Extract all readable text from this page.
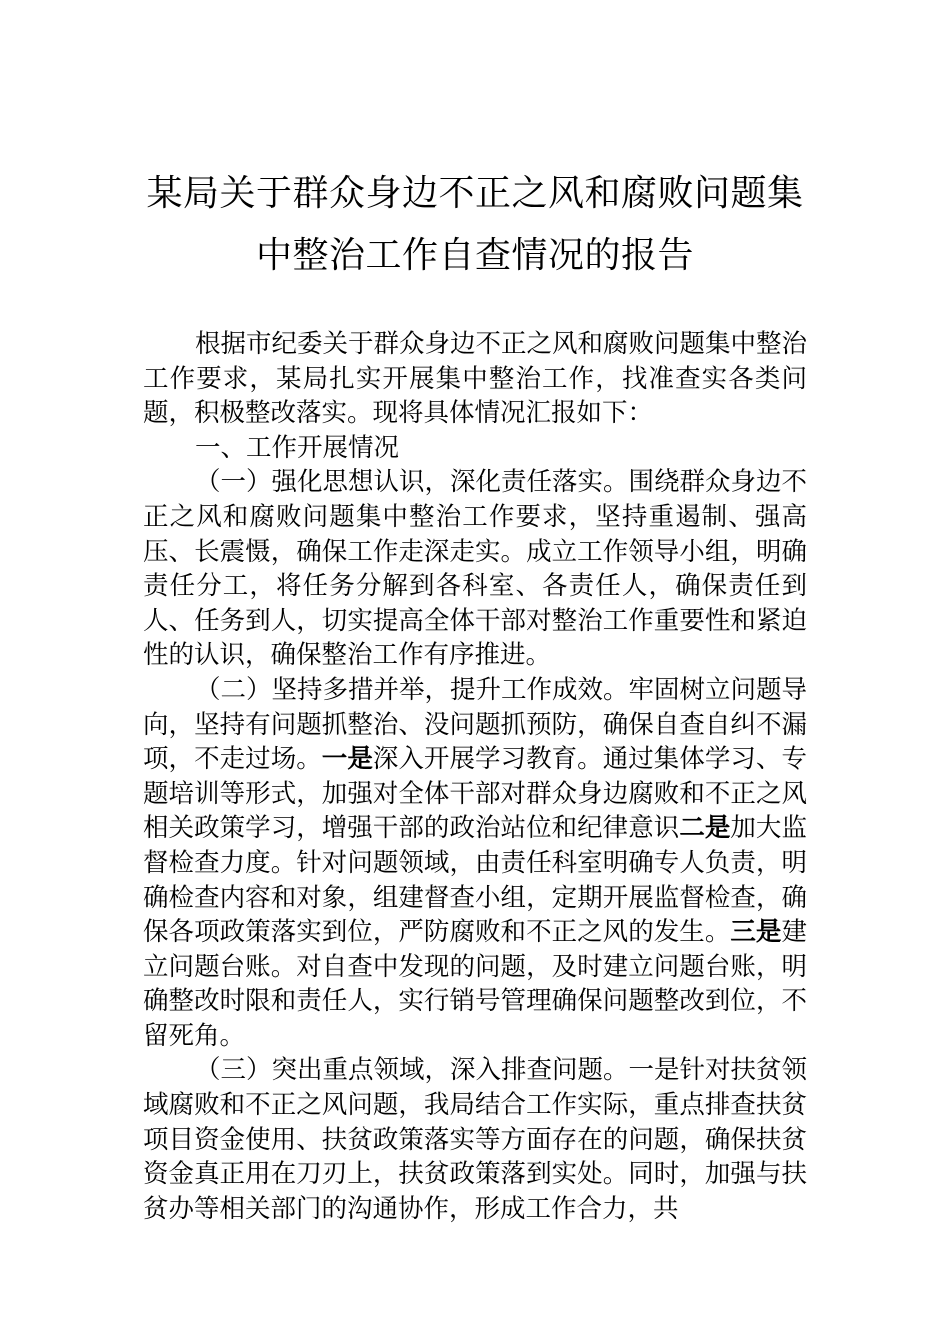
某局关于群众身边不正之风和腐败问题集
中整治工作自查情况的报告

根据市纪委关于群众身边不正之风和腐败问题集中整治工作要求，某局扎实开展集中整治工作，找准查实各类问题，积极整改落实。现将具体情况汇报如下：

一、工作开展情况

（一）强化思想认识，深化责任落实。围绕群众身边不正之风和腐败问题集中整治工作要求，坚持重遏制、强高压、长震慑，确保工作走深走实。成立工作领导小组，明确责任分工，将任务分解到各科室、各责任人，确保责任到人、任务到人，切实提高全体干部对整治工作重要性和紧迫性的认识，确保整治工作有序推进。

（二）坚持多措并举，提升工作成效。牢固树立问题导向，坚持有问题抓整治、没问题抓预防，确保自查自纠不漏项，不走过场。一是深入开展学习教育。通过集体学习、专题培训等形式，加强对全体干部对群众身边腐败和不正之风相关政策学习，增强干部的政治站位和纪律意识二是加大监督检查力度。针对问题领域，由责任科室明确专人负责，明确检查内容和对象，组建督查小组，定期开展监督检查，确保各项政策落实到位，严防腐败和不正之风的发生。三是建立问题台账。对自查中发现的问题，及时建立问题台账，明确整改时限和责任人，实行销号管理确保问题整改到位，不留死角。

（三）突出重点领域，深入排查问题。一是针对扶贫领域腐败和不正之风问题，我局结合工作实际，重点排查扶贫项目资金使用、扶贫政策落实等方面存在的问题，确保扶贫资金真正用在刀刃上，扶贫政策落到实处。同时，加强与扶贫办等相关部门的沟通协作，形成工作合力，共
